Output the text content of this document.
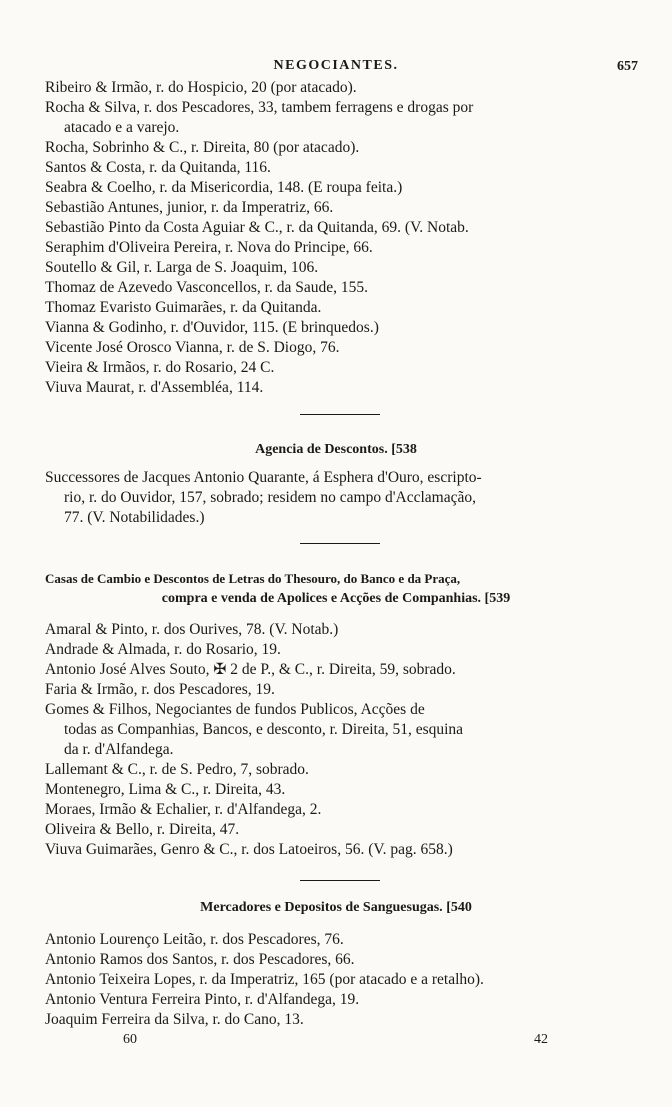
NEGOCIANTES.	657
Ribeiro & Irmão, r. do Hospicio, 20 (por atacado).
Rocha & Silva, r. dos Pescadores, 33, tambem ferragens e drogas por
atacado e a varejo.
Rocha, Sobrinho & C., r. Direita, 80 (por atacado).
Santos & Costa, r. da Quitanda, 116.
Seabra & Coelho, r. da Misericordia, 148. (E roupa feita.)
Sebastião Antunes, junior, r. da Imperatriz, 66.
Sebastião Pinto da Costa Aguiar & C., r. da Quitanda, 69. (V. Notab.
Seraphim d'Oliveira Pereira, r. Nova do Principe, 66.
Soutello & Gil, r. Larga de S. Joaquim, 106.
Thomaz de Azevedo Vasconcellos, r. da Saude, 155.
Thomaz Evaristo Guimarães, r. da Quitanda.
Vianna & Godinho, r. d'Ouvidor, 115. (E brinquedos.)
Vicente José Orosco Vianna, r. de S. Diogo, 76.
Vieira & Irmãos, r. do Rosario, 24 C.
Viuva Maurat, r. d'Assembléa, 114.
Agencia de Descontos. [538
Successores de Jacques Antonio Quarante, á Esphera d'Ouro, escripto-
rio, r. do Ouvidor, 157, sobrado; residem no campo d'Acclamação,
77. (V. Notabilidades.)
Casas de Cambio e Descontos de Letras do Thesouro, do Banco e da Praça,
compra e venda de Apolices e Acções de Companhias. [539
Amaral & Pinto, r. dos Ourives, 78. (V. Notab.)
Andrade & Almada, r. do Rosario, 19.
Antonio José Alves Souto, ✠ 2 de P., & C., r. Direita, 59, sobrado.
Faria & Irmão, r. dos Pescadores, 19.
Gomes & Filhos, Negociantes de fundos Publicos, Acções de
todas as Companhias, Bancos, e desconto, r. Direita, 51, esquina
da r. d'Alfandega.
Lallemant & C., r. de S. Pedro, 7, sobrado.
Montenegro, Lima & C., r. Direita, 43.
Moraes, Irmão & Echalier, r. d'Alfandega, 2.
Oliveira & Bello, r. Direita, 47.
Viuva Guimarães, Genro & C., r. dos Latoeiros, 56. (V. pag. 658.)
Mercadores e Depositos de Sanguesugas. [540
Antonio Lourenço Leitão, r. dos Pescadores, 76.
Antonio Ramos dos Santos, r. dos Pescadores, 66.
Antonio Teixeira Lopes, r. da Imperatriz, 165 (por atacado e a retalho).
Antonio Ventura Ferreira Pinto, r. d'Alfandega, 19.
Joaquim Ferreira da Silva, r. do Cano, 13.
60	42
